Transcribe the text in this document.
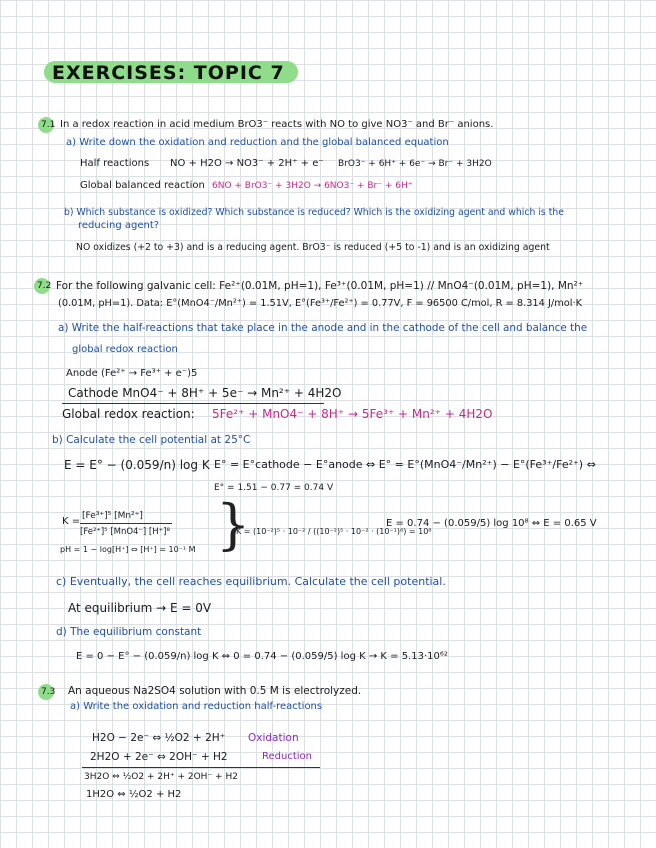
EXERCISES: TOPIC 7
7.1 In a redox reaction in acid medium BrO3⁻ reacts with NO to give NO3⁻ and Br⁻ anions.
a) Write down the oxidation and reduction and the global balanced equation
Half reactions NO + H2O → NO3⁻ + 2H⁺ + e⁻ BrO3⁻ + 6H⁺ + 6e⁻ → Br⁻ + 3H2O
Global balanced reaction 6NO + BrO3⁻ + 3H2O → 6NO3⁻ + Br⁻ + 6H⁺
b) Which substance is oxidized? Which substance is reduced? Which is the oxidizing agent and which is the
reducing agent?
NO oxidizes (+2 to +3) and is a reducing agent. BrO3⁻ is reduced (+5 to -1) and is an oxidizing agent
7.2 For the following galvanic cell: Fe²⁺(0.01M, pH=1), Fe³⁺(0.01M, pH=1) // MnO4⁻(0.01M, pH=1), Mn²⁺
(0.01M, pH=1). Data: E°(MnO4⁻/Mn²⁺) = 1.51V, E°(Fe³⁺/Fe²⁺) = 0.77V, F = 96500 C/mol, R = 8.314 J/mol·K
a) Write the half-reactions that take place in the anode and in the cathode of the cell and balance the
global redox reaction
Anode (Fe²⁺ → Fe³⁺ + e⁻)5
Cathode MnO4⁻ + 8H⁺ + 5e⁻ → Mn²⁺ + 4H2O
Global redox reaction: 5Fe²⁺ + MnO4⁻ + 8H⁺ → 5Fe³⁺ + Mn²⁺ + 4H2O
b) Calculate the cell potential at 25°C
E = E° − (0.059/n) log K E° = E°cathode − E°anode ⇔ E° = E°(MnO4⁻/Mn²⁺) − E°(Fe³⁺/Fe²⁺) ⇔
E° = 1.51 − 0.77 = 0.74 V
K = [Fe³⁺]⁵ [Mn²⁺]
[Fe²⁺]⁵ [MnO4⁻] [H⁺]⁸
pH = 1 − log[H⁺] ⇔ [H⁺] = 10⁻¹ M }
K = (10⁻²)⁵ · 10⁻² / ((10⁻²)⁵ · 10⁻² · (10⁻¹)⁸) = 10⁸
E = 0.74 − (0.059/5) log 10⁸ ⇔ E = 0.65 V
c) Eventually, the cell reaches equilibrium. Calculate the cell potential.
At equilibrium → E = 0V
d) The equilibrium constant
E = 0 − E° − (0.059/n) log K ⇔ 0 = 0.74 − (0.059/5) log K → K = 5.13·10⁶²
7.3 An aqueous Na2SO4 solution with 0.5 M is electrolyzed.
a) Write the oxidation and reduction half-reactions
H2O − 2e⁻ ⇔ ½O2 + 2H⁺ Oxidation
2H2O + 2e⁻ ⇔ 2OH⁻ + H2	Reduction
3H2O ⇔ ½O2 + 2H⁺ + 2OH⁻ + H2
1H2O ⇔ ½O2 + H2
